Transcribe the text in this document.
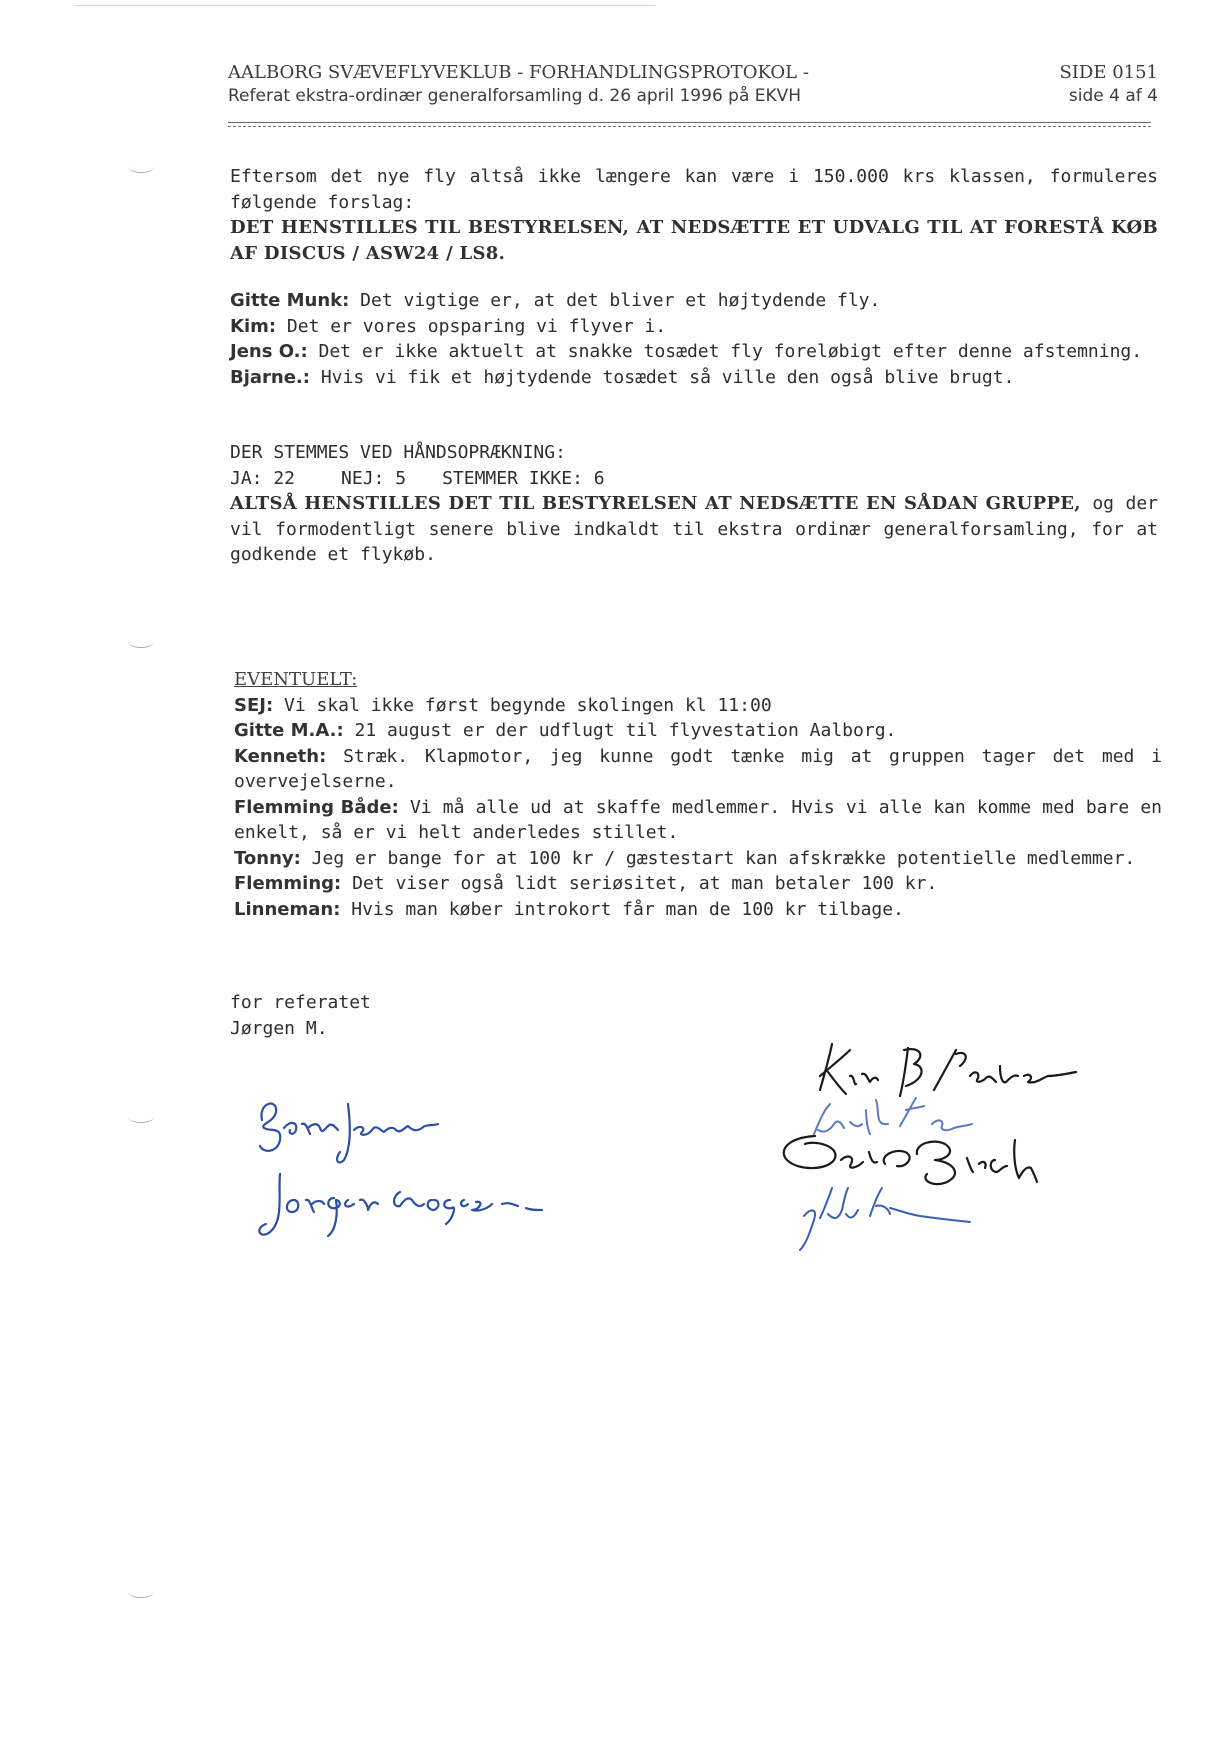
AALBORG SVÆVEFLYVEKLUB - FORHANDLINGSPROTOKOL -	SIDE 0151
Referat ekstra-ordinær generalforsamling d. 26 april 1996 på EKVH	side 4 af 4

Eftersom det nye fly altså ikke længere kan være i 150.000 krs klassen, formuleres følgende forslag:

DET HENSTILLES TIL BESTYRELSEN, AT NEDSÆTTE ET UDVALG TIL AT FORESTÅ KØB AF DISCUS / ASW24 / LS8.

Gitte Munk: Det vigtige er, at det bliver et højtydende fly.

Kim: Det er vores opsparing vi flyver i.

Jens O.: Det er ikke aktuelt at snakke tosædet fly foreløbigt efter denne afstemning.

Bjarne.: Hvis vi fik et højtydende tosædet så ville den også blive brugt.

DER STEMMES VED HÅNDSOPRÆKNING:

JA: 22	NEJ: 5 STEMMER IKKE: 6

ALTSÅ HENSTILLES DET TIL BESTYRELSEN AT NEDSÆTTE EN SÅDAN GRUPPE, og der vil formodentligt senere blive indkaldt til ekstra ordinær generalforsamling, for at godkende et flykøb.

EVENTUELT:

SEJ: Vi skal ikke først begynde skolingen kl 11:00

Gitte M.A.: 21 august er der udflugt til flyvestation Aalborg.

Kenneth: Stræk. Klapmotor, jeg kunne godt tænke mig at gruppen tager det med i overvejelserne.

Flemming Både: Vi må alle ud at skaffe medlemmer. Hvis vi alle kan komme med bare en enkelt, så er vi helt anderledes stillet.

Tonny: Jeg er bange for at 100 kr / gæstestart kan afskrække potentielle medlemmer.

Flemming: Det viser også lidt seriøsitet, at man betaler 100 kr.

Linneman: Hvis man køber introkort får man de 100 kr tilbage.

for referatet

Jørgen M.
